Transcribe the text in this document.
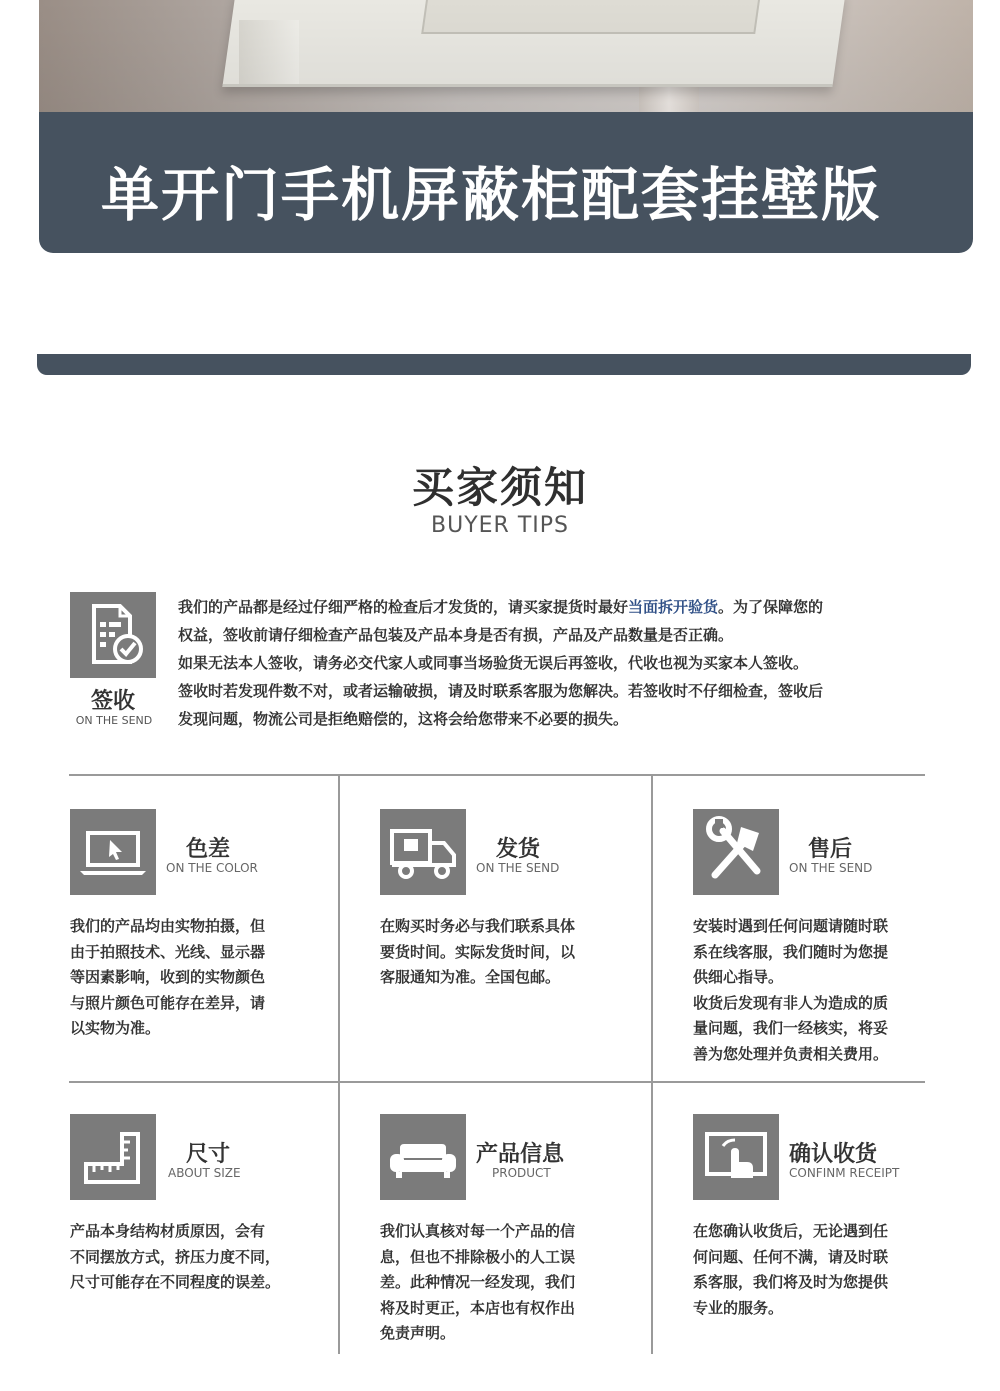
单开门手机屏蔽柜配套挂壁版
买家须知
BUYER TIPS
签收
ON THE SEND
我们的产品都是经过仔细严格的检查后才发货的，请买家提货时最好当面拆开验货。为了保障您的
权益，签收前请仔细检查产品包装及产品本身是否有损，产品及产品数量是否正确。
如果无法本人签收，请务必交代家人或同事当场验货无误后再签收，代收也视为买家本人签收。
签收时若发现件数不对，或者运输破损，请及时联系客服为您解决。若签收时不仔细检查，签收后
发现问题，物流公司是拒绝赔偿的，这将会给您带来不必要的损失。
色差
ON THE COLOR
我们的产品均由实物拍摄，但
由于拍照技术、光线、显示器
等因素影响，收到的实物颜色
与照片颜色可能存在差异，请
以实物为准。
发货
ON THE SEND
在购买时务必与我们联系具体
要货时间。实际发货时间，以
客服通知为准。全国包邮。
售后
ON THE SEND
安装时遇到任何问题请随时联
系在线客服，我们随时为您提
供细心指导。
收货后发现有非人为造成的质
量问题，我们一经核实，将妥
善为您处理并负责相关费用。
尺寸
ABOUT SIZE
产品本身结构材质原因，会有
不同摆放方式，挤压力度不同，
尺寸可能存在不同程度的误差。
产品信息
PRODUCT
我们认真核对每一个产品的信
息，但也不排除极小的人工误
差。此种情况一经发现，我们
将及时更正，本店也有权作出
免责声明。
确认收货
CONFINM RECEIPT
在您确认收货后，无论遇到任
何问题、任何不满，请及时联
系客服，我们将及时为您提供
专业的服务。
